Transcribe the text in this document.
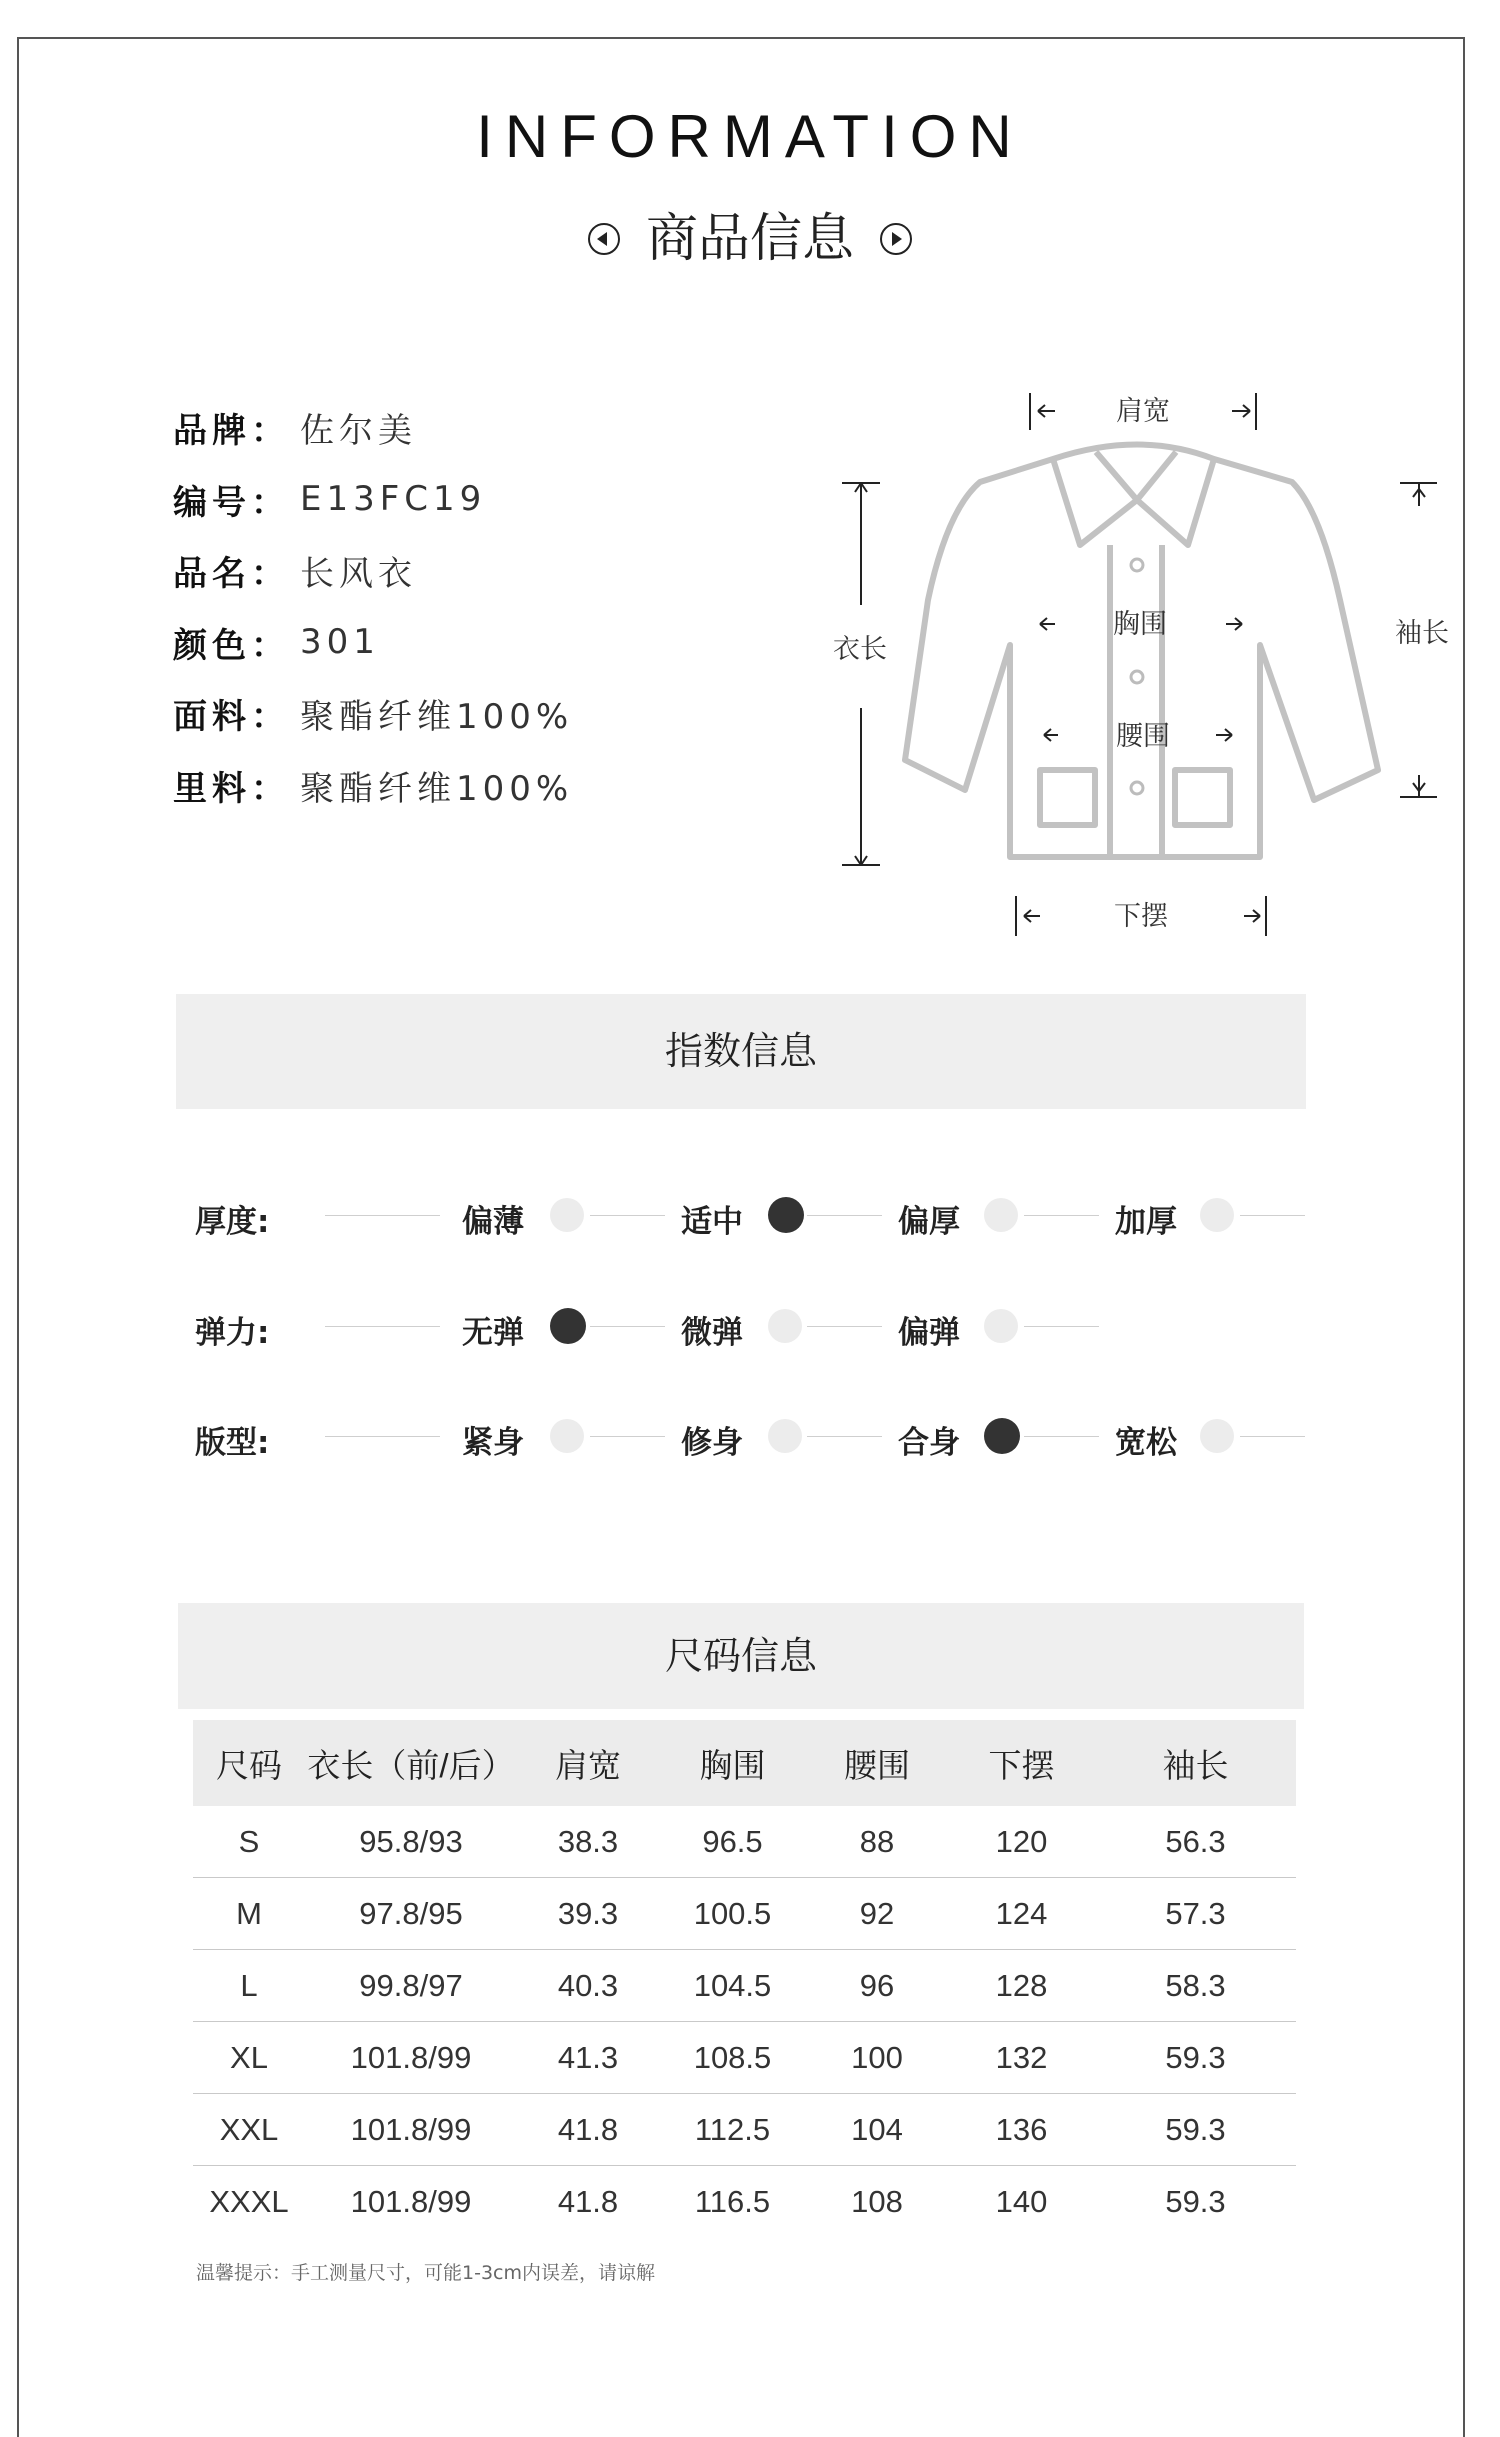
INFORMATION
商品信息
品牌： 佐尔美
编号： E13FC19
品名： 长风衣
颜色： 301
面料： 聚酯纤维100%
里料： 聚酯纤维100%
肩宽
衣长
胸围
腰围
袖长
下摆
指数信息
厚度:	偏薄	适中	偏厚	加厚
弹力:	无弹	微弹	偏弹
版型:	紧身	修身	合身	宽松
尺码信息
尺码	衣长（前/后）	肩宽	胸围	腰围	下摆	袖长
S	95.8/93	38.3	96.5	88	120	56.3
M	97.8/95	39.3	100.5	92	124	57.3
L	99.8/97	40.3	104.5	96	128	58.3
XL	101.8/99	41.3	108.5	100	132	59.3
XXL	101.8/99	41.8	112.5	104	136	59.3
XXXL	101.8/99	41.8	116.5	108	140	59.3
温馨提示：手工测量尺寸，可能1-3cm内误差，请谅解
